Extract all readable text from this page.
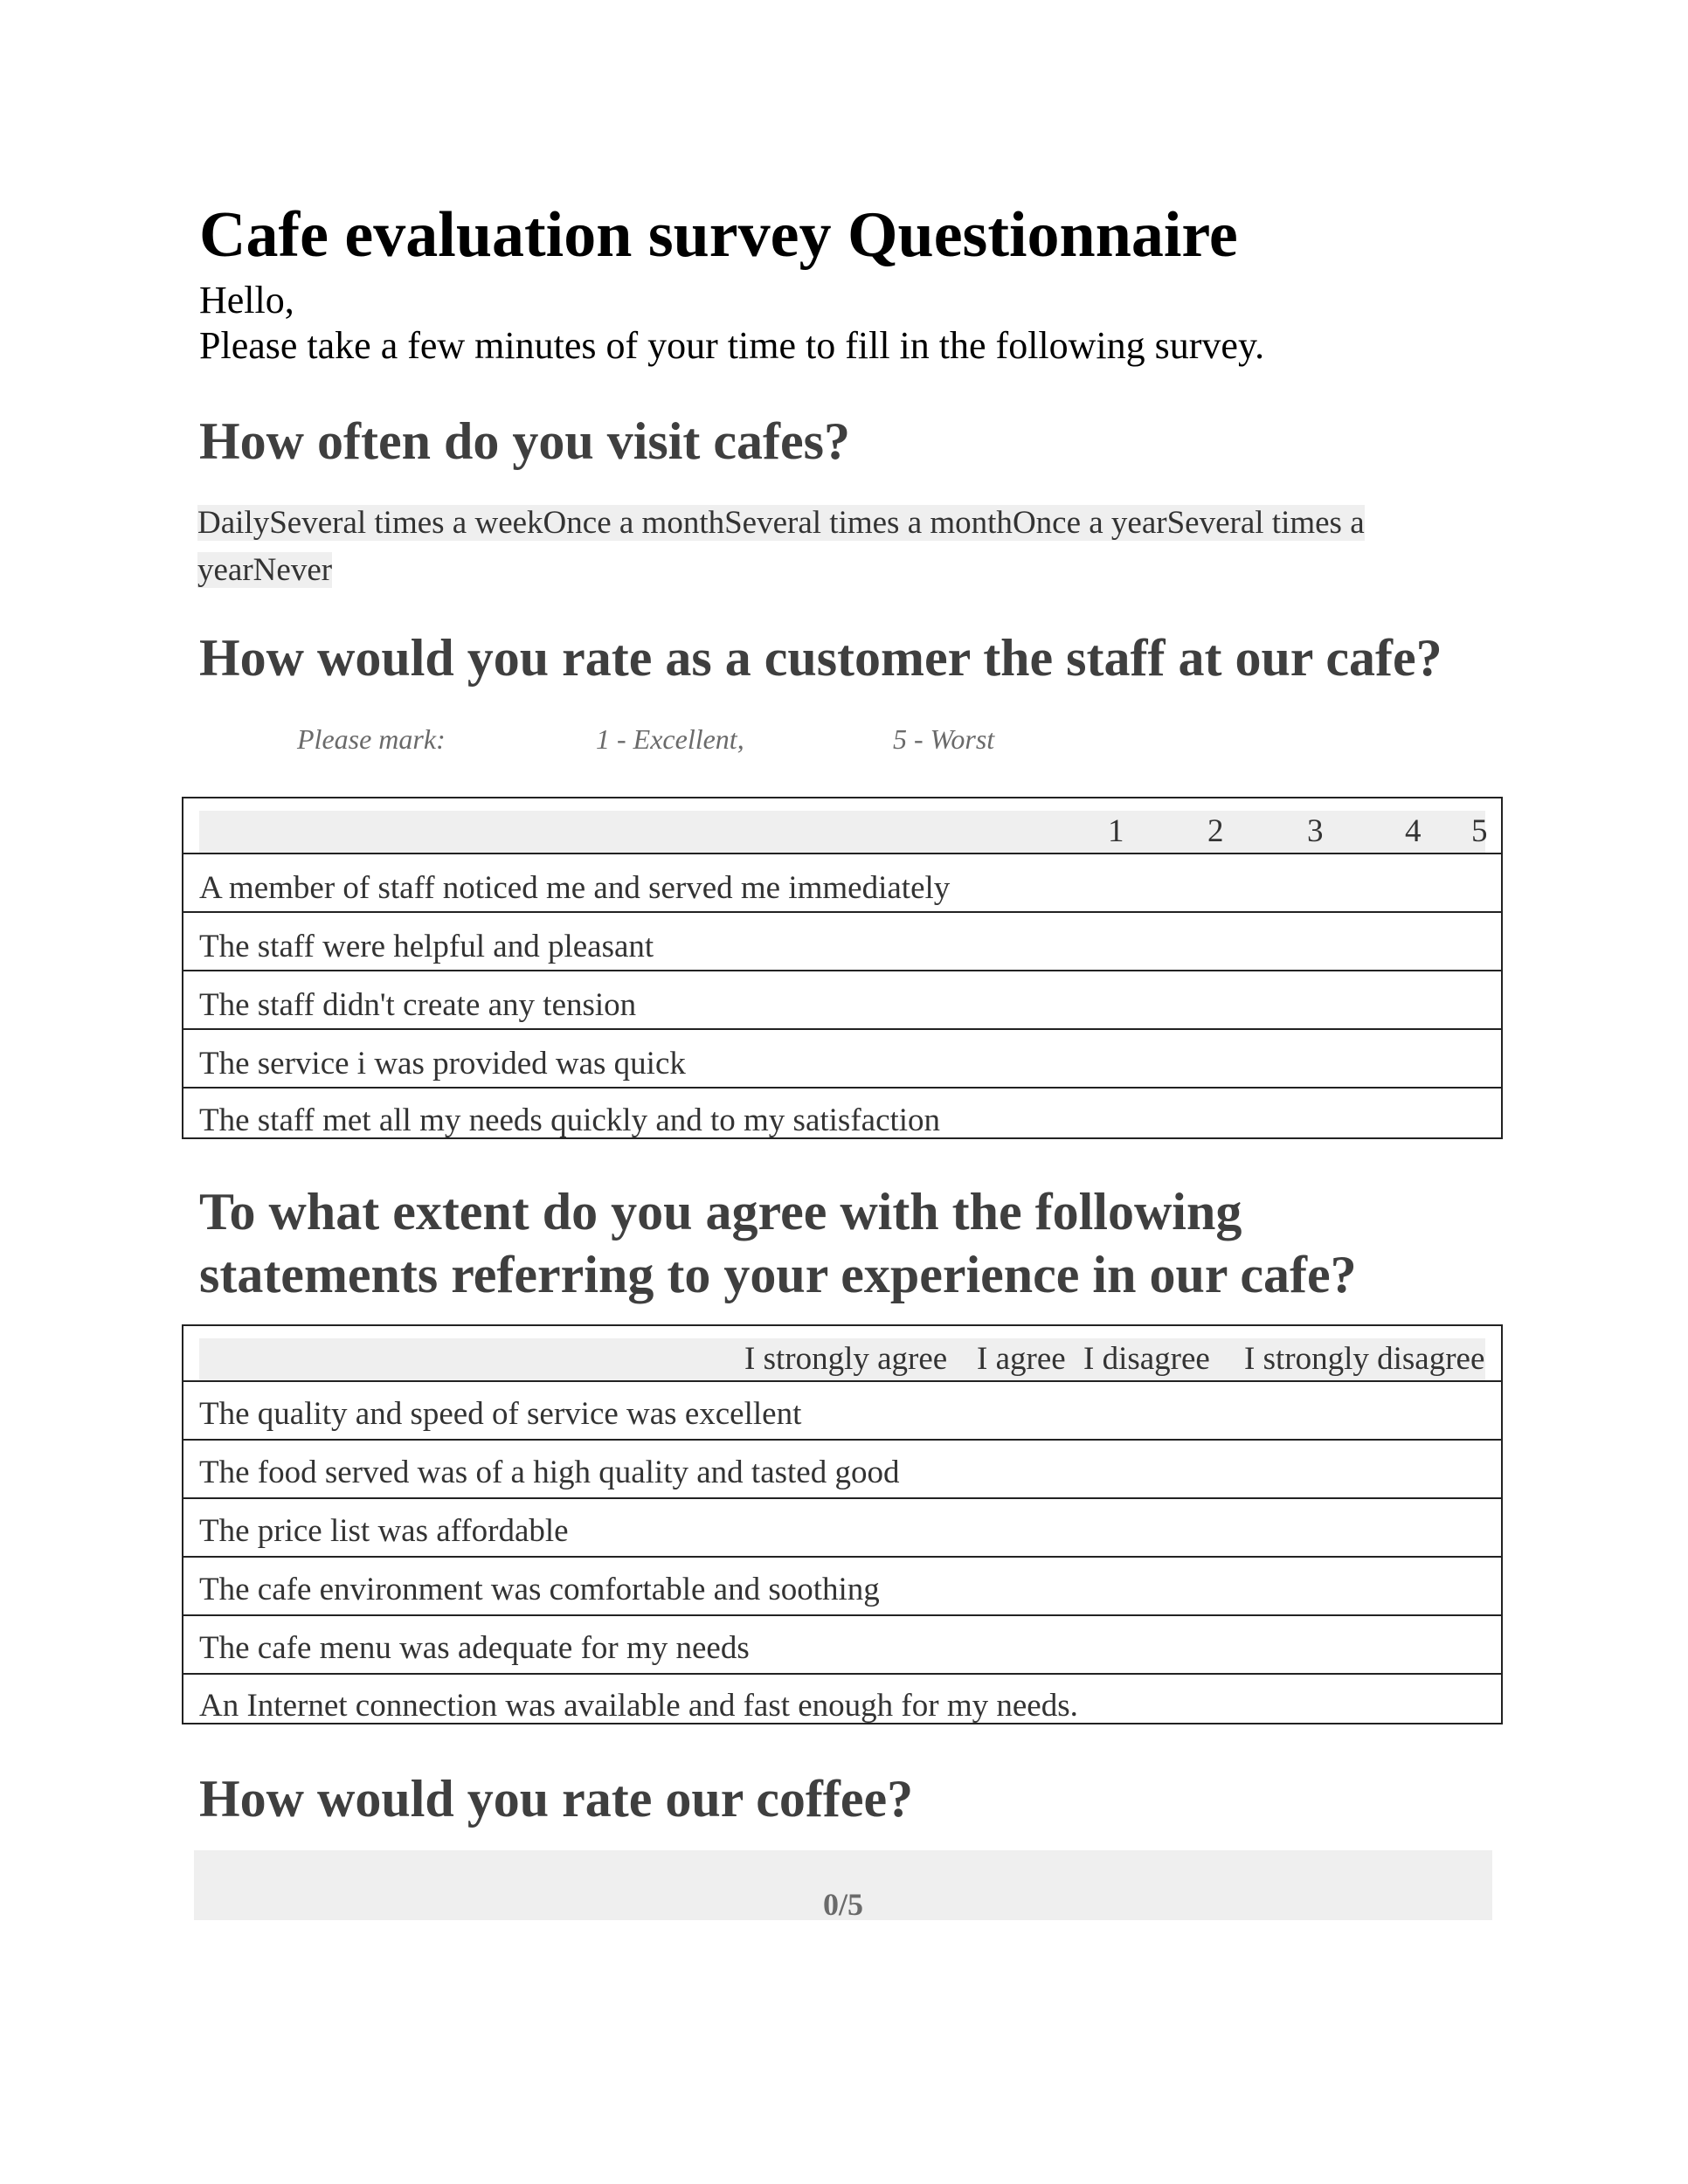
Cafe evaluation survey Questionnaire
Hello,
Please take a few minutes of your time to fill in the following survey.
How often do you visit cafes?
DailySeveral times a weekOnce a monthSeveral times a monthOnce a yearSeveral times a yearNever
How would you rate as a customer the staff at our cafe?
Please mark:	1 - Excellent,	5 - Worst
1	2	3	4 5
A member of staff noticed me and served me immediately
The staff were helpful and pleasant
The staff didn't create any tension
The service i was provided was quick
The staff met all my needs quickly and to my satisfaction
To what extent do you agree with the following
statements referring to your experience in our cafe?
I strongly agree I agree I disagree I strongly disagree
The quality and speed of service was excellent
The food served was of a high quality and tasted good
The price list was affordable
The cafe environment was comfortable and soothing
The cafe menu was adequate for my needs
An Internet connection was available and fast enough for my needs.
How would you rate our coffee?
0/5
